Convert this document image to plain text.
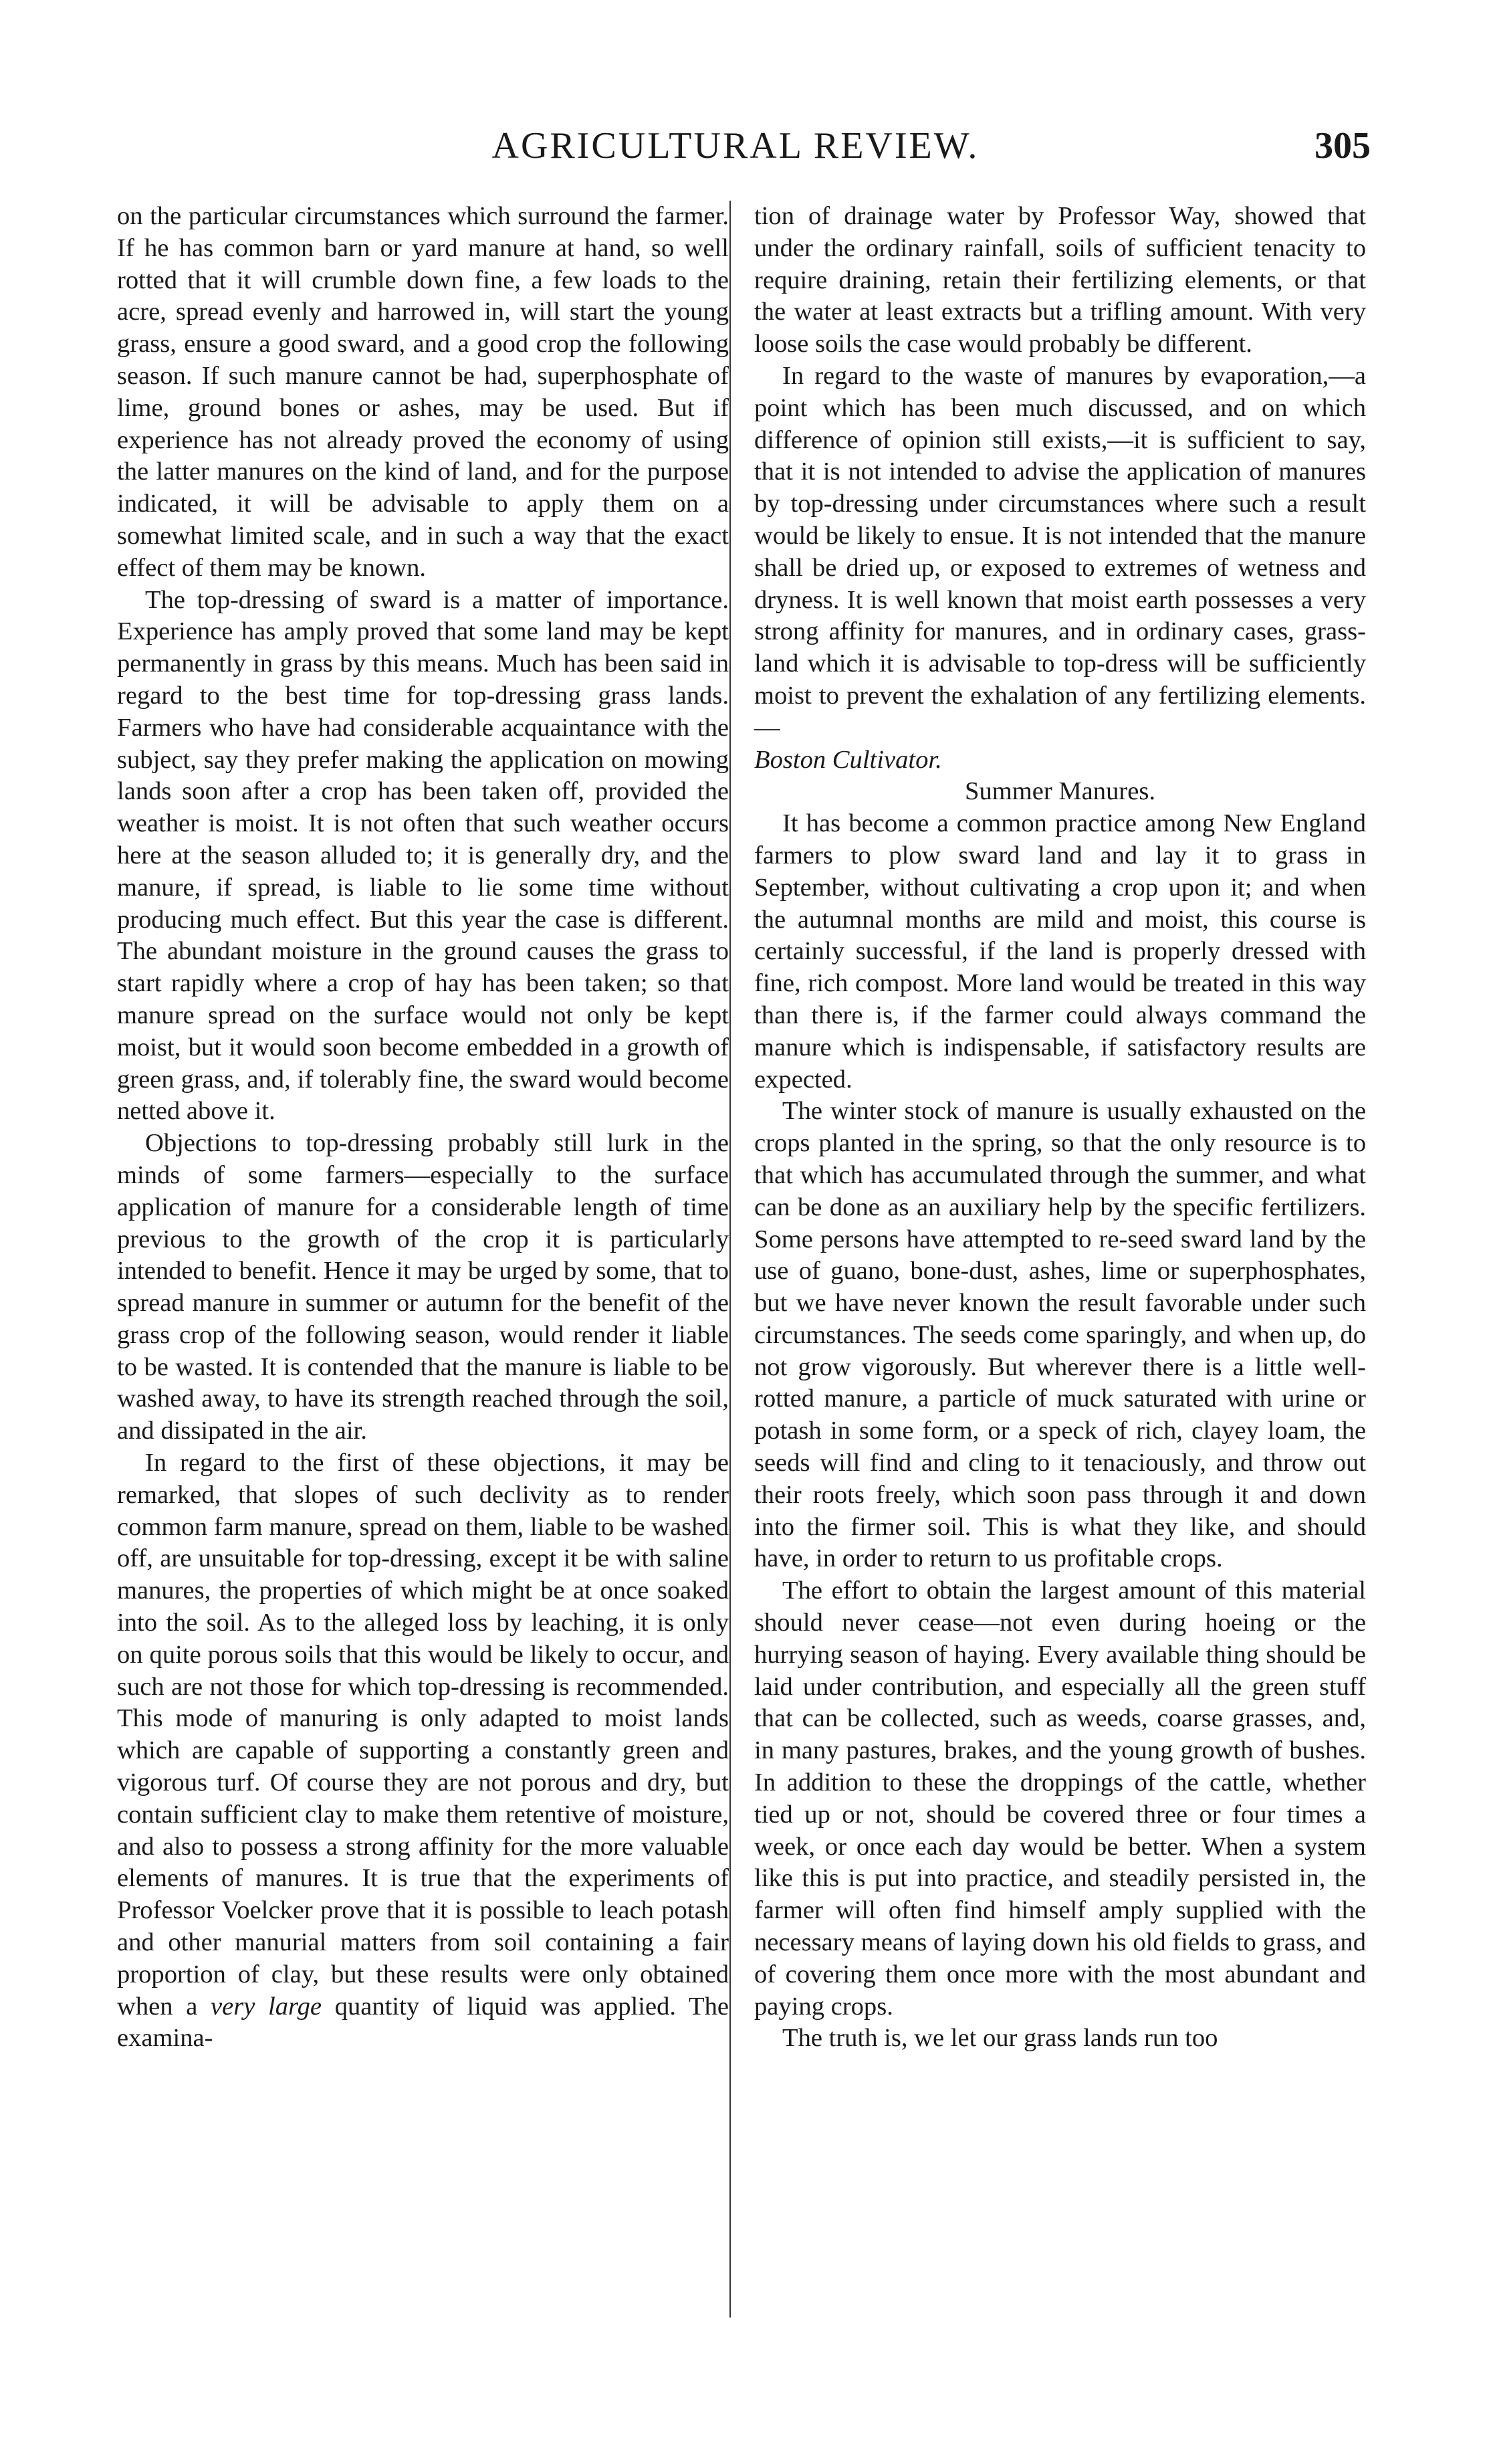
AGRICULTURAL REVIEW.	305

on the particular circumstances which surround the farmer. If he has common barn or yard manure at hand, so well rotted that it will crumble down fine, a few loads to the acre, spread evenly and harrowed in, will start the young grass, ensure a good sward, and a good crop the following season. If such manure cannot be had, superphosphate of lime, ground bones or ashes, may be used. But if experience has not already proved the economy of using the latter manures on the kind of land, and for the purpose indicated, it will be advisable to apply them on a somewhat limited scale, and in such a way that the exact effect of them may be known.

The top-dressing of sward is a matter of importance. Experience has amply proved that some land may be kept permanently in grass by this means. Much has been said in regard to the best time for top-dressing grass lands. Farmers who have had considerable acquaintance with the subject, say they prefer making the application on mowing lands soon after a crop has been taken off, provided the weather is moist. It is not often that such weather occurs here at the season alluded to; it is generally dry, and the manure, if spread, is liable to lie some time without producing much effect. But this year the case is different. The abundant moisture in the ground causes the grass to start rapidly where a crop of hay has been taken; so that manure spread on the surface would not only be kept moist, but it would soon become embedded in a growth of green grass, and, if tolerably fine, the sward would become netted above it.

Objections to top-dressing probably still lurk in the minds of some farmers—especially to the surface application of manure for a considerable length of time previous to the growth of the crop it is particularly intended to benefit. Hence it may be urged by some, that to spread manure in summer or autumn for the benefit of the grass crop of the following season, would render it liable to be wasted. It is contended that the manure is liable to be washed away, to have its strength reached through the soil, and dissipated in the air.

In regard to the first of these objections, it may be remarked, that slopes of such declivity as to render common farm manure, spread on them, liable to be washed off, are unsuitable for top-dressing, except it be with saline manures, the properties of which might be at once soaked into the soil. As to the alleged loss by leaching, it is only on quite porous soils that this would be likely to occur, and such are not those for which top-dressing is recommended. This mode of manuring is only adapted to moist lands which are capable of supporting a constantly green and vigorous turf. Of course they are not porous and dry, but contain sufficient clay to make them retentive of moisture, and also to possess a strong affinity for the more valuable elements of manures. It is true that the experiments of Professor Voelcker prove that it is possible to leach potash and other manurial matters from soil containing a fair proportion of clay, but these results were only obtained when a very large quantity of liquid was applied. The examina-

tion of drainage water by Professor Way, showed that under the ordinary rainfall, soils of sufficient tenacity to require draining, retain their fertilizing elements, or that the water at least extracts but a trifling amount. With very loose soils the case would probably be different.

In regard to the waste of manures by evaporation,—a point which has been much discussed, and on which difference of opinion still exists,—it is sufficient to say, that it is not intended to advise the application of manures by top-dressing under circumstances where such a result would be likely to ensue. It is not intended that the manure shall be dried up, or exposed to extremes of wetness and dryness. It is well known that moist earth possesses a very strong affinity for manures, and in ordinary cases, grass-land which it is advisable to top-dress will be sufficiently moist to prevent the exhalation of any fertilizing elements.—
Boston Cultivator.

Summer Manures.

It has become a common practice among New England farmers to plow sward land and lay it to grass in September, without cultivating a crop upon it; and when the autumnal months are mild and moist, this course is certainly successful, if the land is properly dressed with fine, rich compost. More land would be treated in this way than there is, if the farmer could always command the manure which is indispensable, if satisfactory results are expected.

The winter stock of manure is usually exhausted on the crops planted in the spring, so that the only resource is to that which has accumulated through the summer, and what can be done as an auxiliary help by the specific fertilizers. Some persons have attempted to re-seed sward land by the use of guano, bone-dust, ashes, lime or superphosphates, but we have never known the result favorable under such circumstances. The seeds come sparingly, and when up, do not grow vigorously. But wherever there is a little well-rotted manure, a particle of muck saturated with urine or potash in some form, or a speck of rich, clayey loam, the seeds will find and cling to it tenaciously, and throw out their roots freely, which soon pass through it and down into the firmer soil. This is what they like, and should have, in order to return to us profitable crops.

The effort to obtain the largest amount of this material should never cease—not even during hoeing or the hurrying season of haying. Every available thing should be laid under contribution, and especially all the green stuff that can be collected, such as weeds, coarse grasses, and, in many pastures, brakes, and the young growth of bushes. In addition to these the droppings of the cattle, whether tied up or not, should be covered three or four times a week, or once each day would be better. When a system like this is put into practice, and steadily persisted in, the farmer will often find himself amply supplied with the necessary means of laying down his old fields to grass, and of covering them once more with the most abundant and paying crops.

The truth is, we let our grass lands run too
